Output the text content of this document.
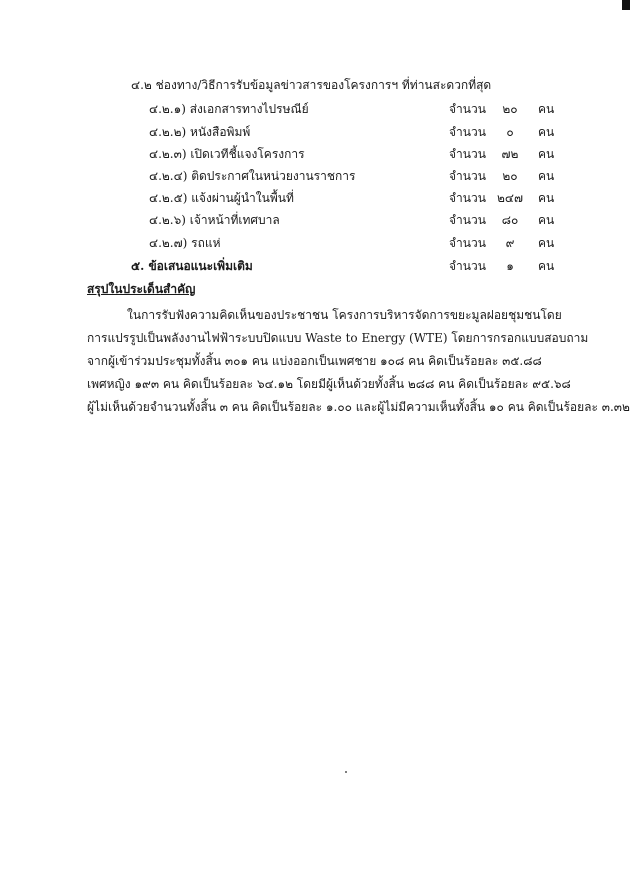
๔.๒ ช่องทาง/วิธีการรับข้อมูลข่าวสารของโครงการฯ ที่ท่านสะดวกที่สุด
๔.๒.๑) ส่งเอกสารทางไปรษณีย์	จำนวน	๒๐	คน
๔.๒.๒) หนังสือพิมพ์	จำนวน	๐	คน
๔.๒.๓) เปิดเวทีชี้แจงโครงการ	จำนวน	๗๒	คน
๔.๒.๔) ติดประกาศในหน่วยงานราชการ	จำนวน	๒๐	คน
๔.๒.๕) แจ้งผ่านผู้นำในพื้นที่	จำนวน ๒๔๗	คน
๔.๒.๖) เจ้าหน้าที่เทศบาล	จำนวน	๘๐	คน
๔.๒.๗) รถแห่	จำนวน	๙	คน
๕. ข้อเสนอแนะเพิ่มเติม	จำนวน	๑	คน
สรุปในประเด็นสำคัญ
ในการรับฟังความคิดเห็นของประชาชน โครงการบริหารจัดการขยะมูลฝอยชุมชนโดย
การแปรรูปเป็นพลังงานไฟฟ้าระบบปิดแบบ Waste to Energy (WTE) โดยการกรอกแบบสอบถาม
จากผู้เข้าร่วมประชุมทั้งสิ้น ๓๐๑ คน แบ่งออกเป็นเพศชาย ๑๐๘ คน คิดเป็นร้อยละ ๓๕.๘๘
เพศหญิง ๑๙๓ คน คิดเป็นร้อยละ ๖๔.๑๒ โดยมีผู้เห็นด้วยทั้งสิ้น ๒๘๘ คน คิดเป็นร้อยละ ๙๕.๖๘
ผู้ไม่เห็นด้วยจำนวนทั้งสิ้น ๓ คน คิดเป็นร้อยละ ๑.๐๐ และผู้ไม่มีความเห็นทั้งสิ้น ๑๐ คน คิดเป็นร้อยละ ๓.๓๒
